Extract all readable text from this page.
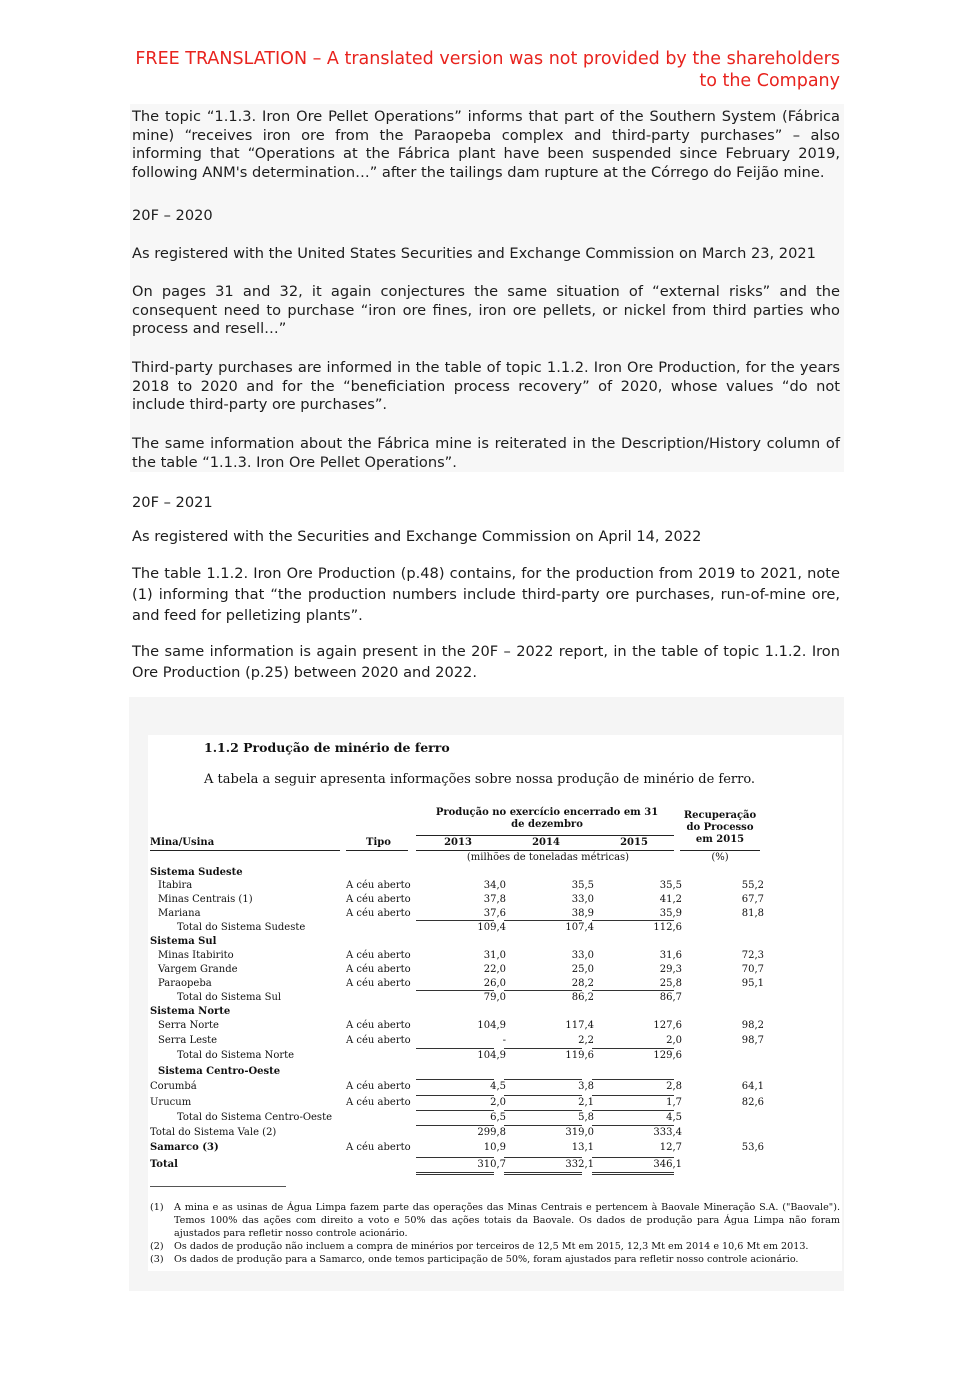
FREE TRANSLATION – A translated version was not provided by the shareholders to the Company
The topic “1.1.3. Iron Ore Pellet Operations” informs that part of the Southern System (Fábrica mine) “receives iron ore from the Paraopeba complex and third-party purchases” – also informing that “Operations at the Fábrica plant have been suspended since February 2019, following ANM's determination…” after the tailings dam rupture at the Córrego do Feijão mine.
20F – 2020
As registered with the United States Securities and Exchange Commission on March 23, 2021
On pages 31 and 32, it again conjectures the same situation of “external risks” and the consequent need to purchase “iron ore fines, iron ore pellets, or nickel from third parties who process and resell…”
Third-party purchases are informed in the table of topic 1.1.2. Iron Ore Production, for the years 2018 to 2020 and for the “beneficiation process recovery” of 2020, whose values “do not include third-party ore purchases”.
The same information about the Fábrica mine is reiterated in the Description/History column of the table “1.1.3. Iron Ore Pellet Operations”.
20F – 2021
As registered with the Securities and Exchange Commission on April 14, 2022
The table 1.1.2. Iron Ore Production (p.48) contains, for the production from 2019 to 2021, note (1) informing that “the production numbers include third-party ore purchases, run-of-mine ore, and feed for pelletizing plants”.
The same information is again present in the 20F – 2022 report, in the table of topic 1.1.2. Iron Ore Production (p.25) between 2020 and 2022.
1.1.2 Produção de minério de ferro
A tabela a seguir apresenta informações sobre nossa produção de minério de ferro.
Produção no exercício encerrado em 31 de dezembro
Recuperação do Processo em 2015
Mina/Usina	Tipo	2013	2014	2015
(milhões de toneladas métricas)	(%)
Sistema Sudeste
Itabira	A céu aberto	34,0	35,5	35,5	55,2
Minas Centrais (1)	A céu aberto	37,8	33,0	41,2	67,7
Mariana	A céu aberto	37,6	38,9	35,9	81,8
Total do Sistema Sudeste	109,4	107,4	112,6
Sistema Sul
Minas Itabirito	A céu aberto	31,0	33,0	31,6	72,3
Vargem Grande	A céu aberto	22,0	25,0	29,3	70,7
Paraopeba	A céu aberto	26,0	28,2	25,8	95,1
Total do Sistema Sul	79,0	86,2	86,7
Sistema Norte
Serra Norte	A céu aberto	104,9	117,4	127,6	98,2
Serra Leste	A céu aberto	-	2,2	2,0	98,7
Total do Sistema Norte	104,9	119,6	129,6
Sistema Centro-Oeste
Corumbá	A céu aberto	4,5	3,8	2,8	64,1
Urucum	A céu aberto	2,0	2,1	1,7	82,6
Total do Sistema Centro-Oeste	6,5	5,8	4,5
Total do Sistema Vale (2)	299,8	319,0	333,4
Samarco (3)	A céu aberto	10,9	13,1	12,7	53,6
Total	310,7	332,1	346,1

(1) A mina e as usinas de Água Limpa fazem parte das operações das Minas Centrais e pertencem à Baovale Mineração S.A. ("Baovale"). Temos 100% das ações com direito a voto e 50% das ações totais da Baovale. Os dados de produção para Água Limpa não foram ajustados para refletir nosso controle acionário.

(2) Os dados de produção não incluem a compra de minérios por terceiros de 12,5 Mt em 2015, 12,3 Mt em 2014 e 10,6 Mt em 2013.

(3) Os dados de produção para a Samarco, onde temos participação de 50%, foram ajustados para refletir nosso controle acionário.
